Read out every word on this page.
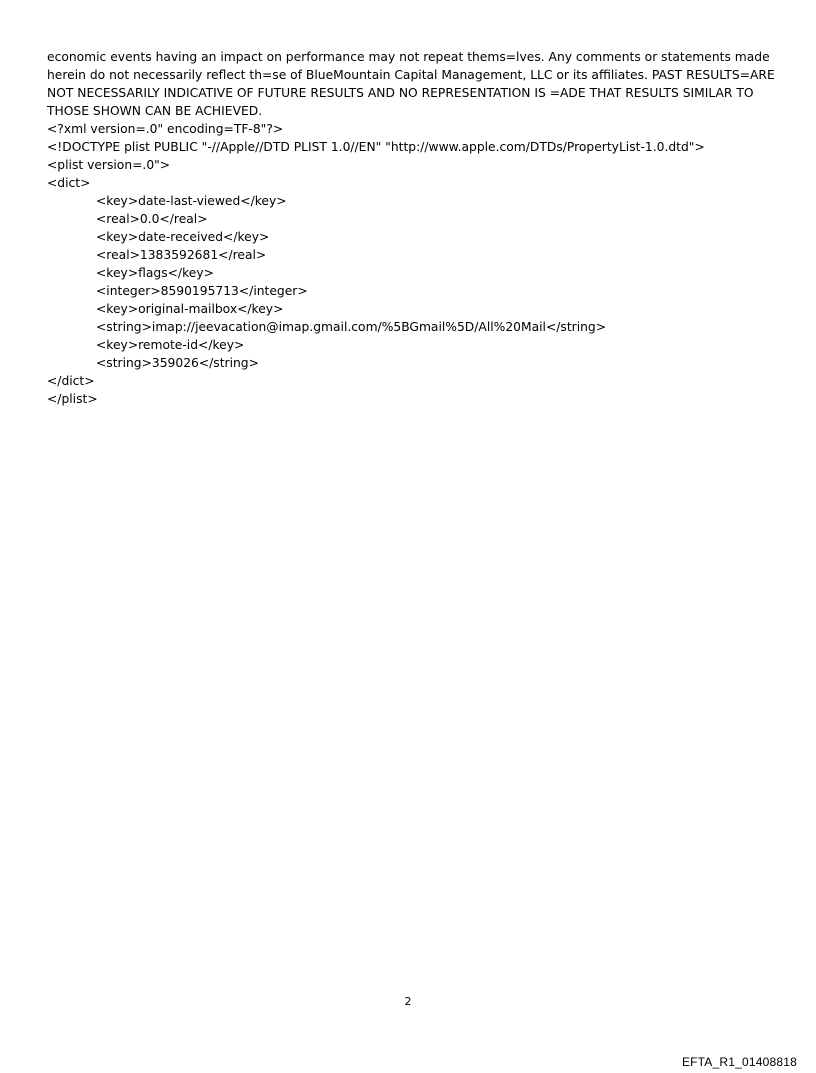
economic events having an impact on performance may not repeat thems=lves. Any comments or statements made
herein do not necessarily reflect th=se of BlueMountain Capital Management, LLC or its affiliates. PAST RESULTS=ARE
NOT NECESSARILY INDICATIVE OF FUTURE RESULTS AND NO REPRESENTATION IS =ADE THAT RESULTS SIMILAR TO
THOSE SHOWN CAN BE ACHIEVED.
<?xml version=.0" encoding=TF-8"?>
<!DOCTYPE plist PUBLIC "-//Apple//DTD PLIST 1.0//EN" "http://www.apple.com/DTDs/PropertyList-1.0.dtd">
<plist version=.0">
<dict>
<key>date-last-viewed</key>
<real>0.0</real>
<key>date-received</key>
<real>1383592681</real>
<key>flags</key>
<integer>8590195713</integer>
<key>original-mailbox</key>
<string>imap://jeevacation@imap.gmail.com/%5BGmail%5D/All%20Mail</string>
<key>remote-id</key>
<string>359026</string>
</dict>
</plist>
2
EFTA_R1_01408818
